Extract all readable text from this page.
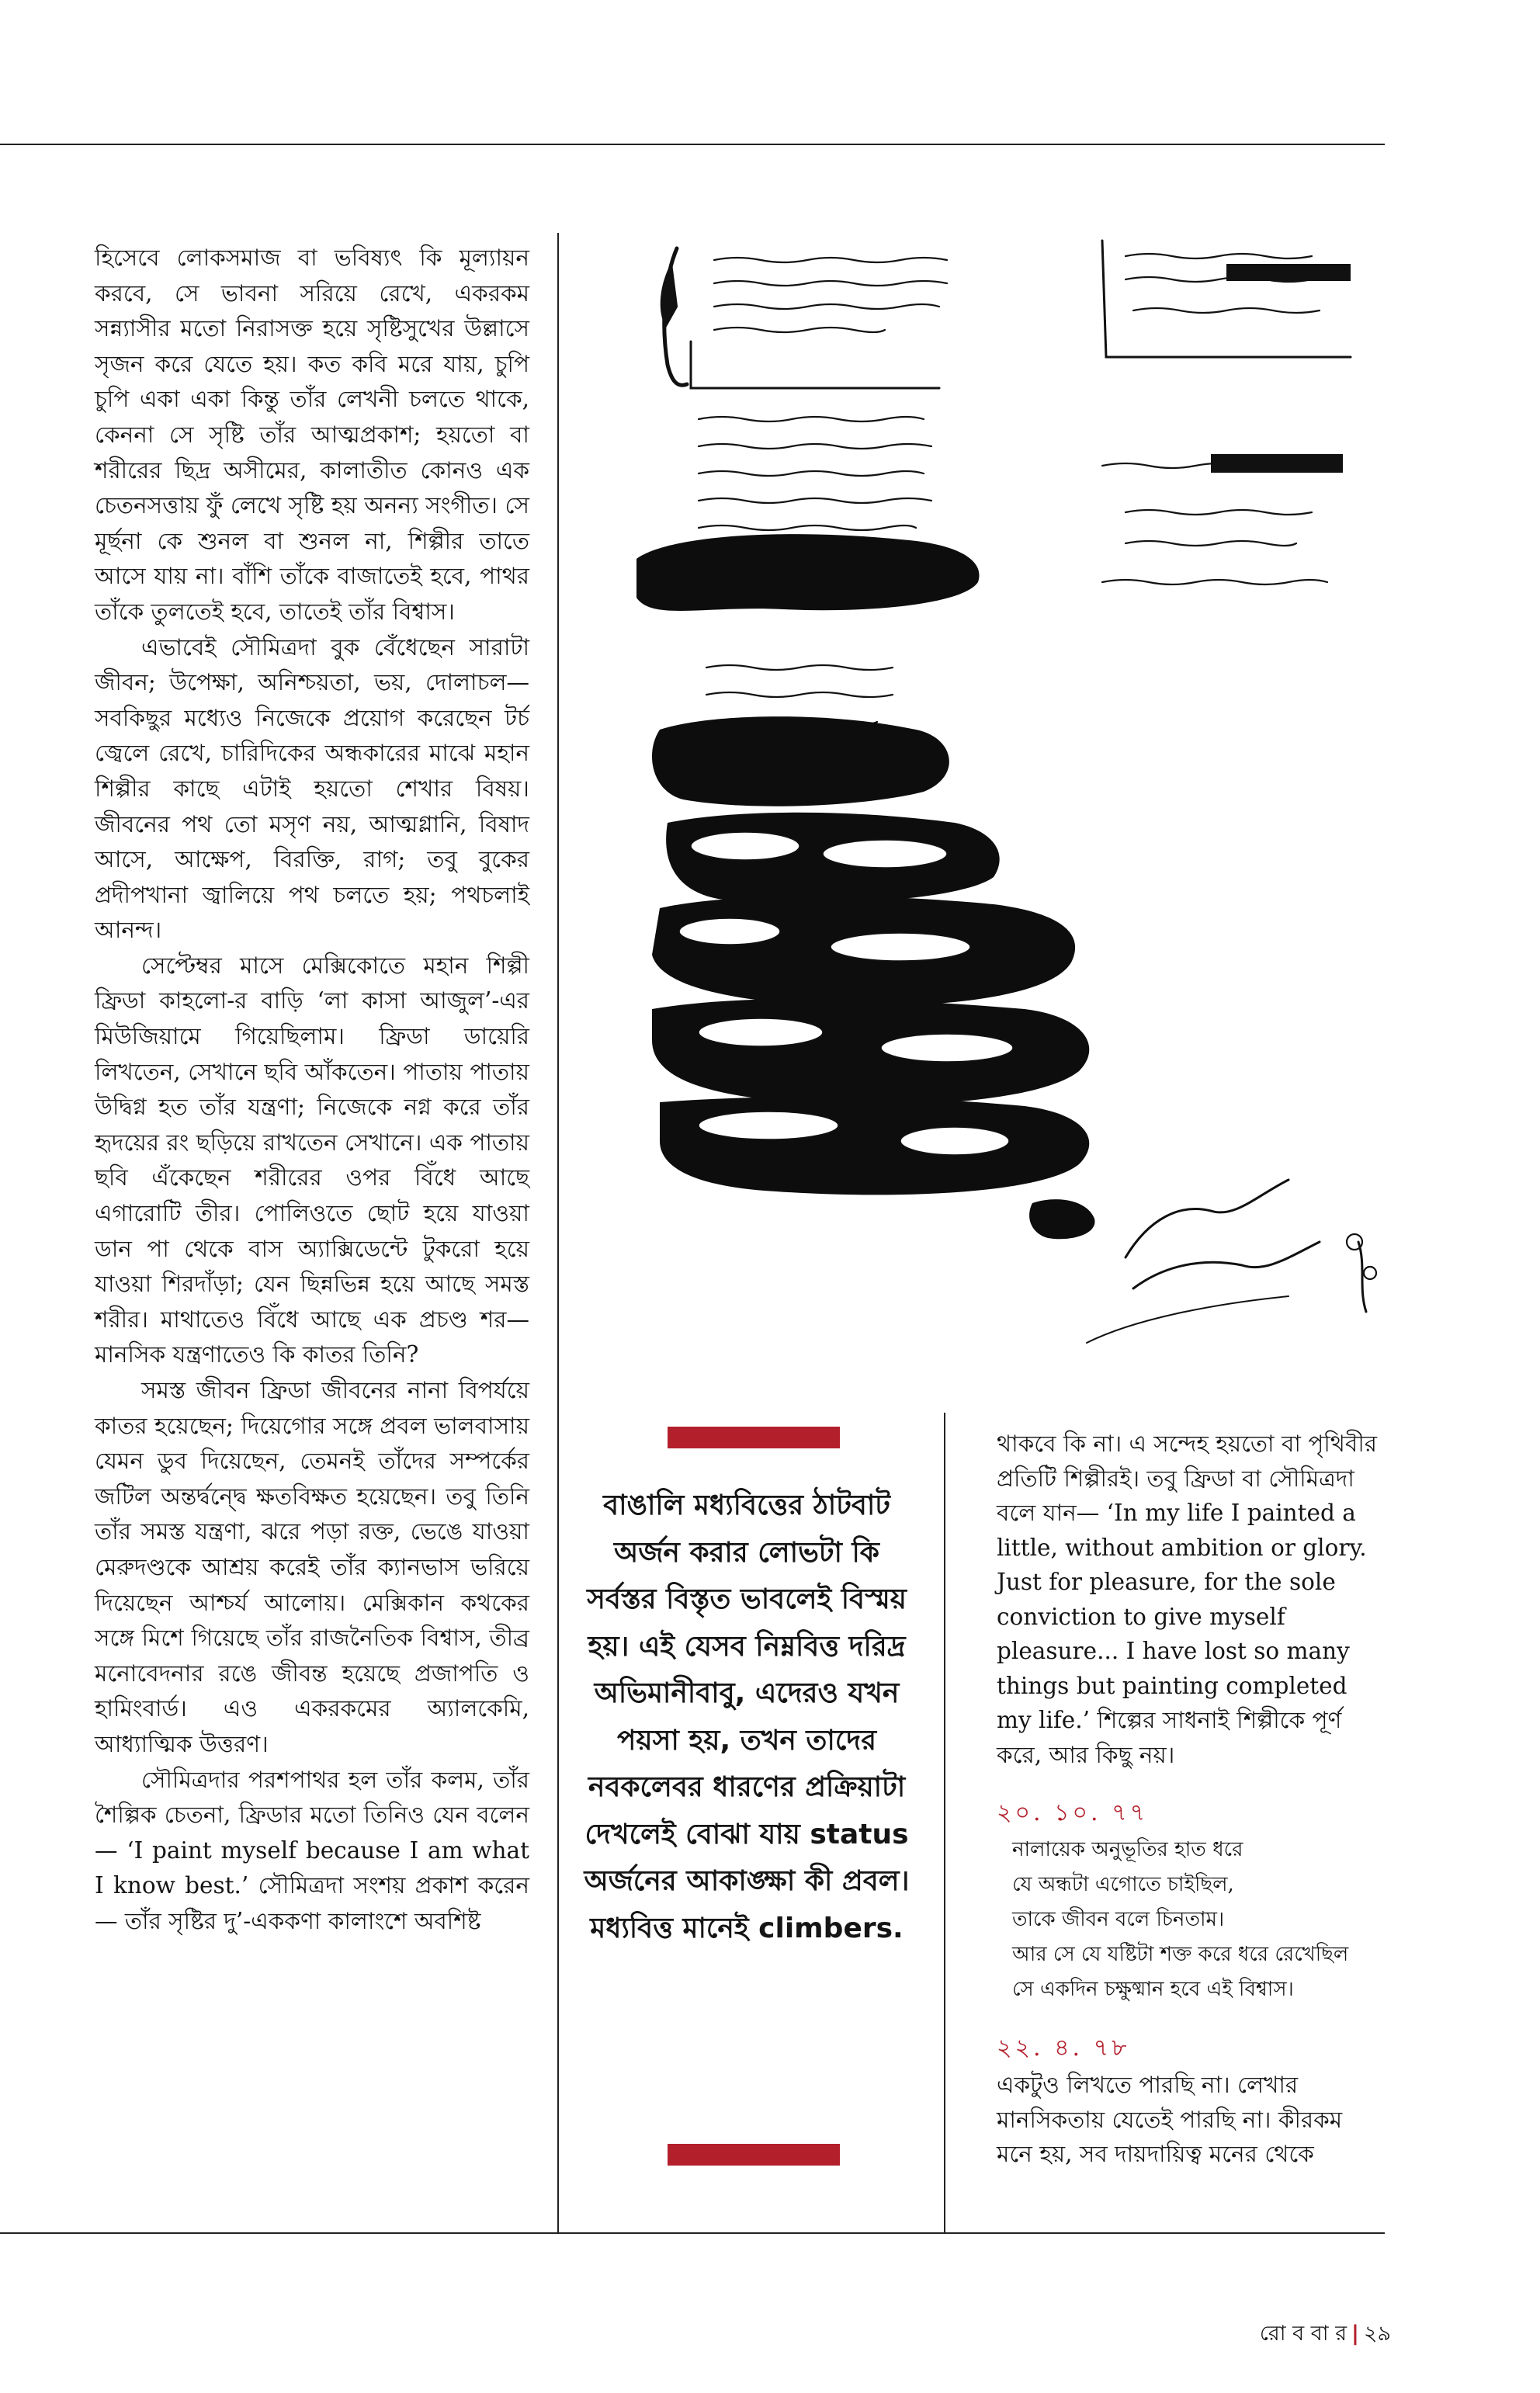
হিসেবে লোকসমাজ বা ভবিষ্যৎ কি মূল্যায়ন করবে, সে ভাবনা সরিয়ে রেখে, একরকম সন্ন্যাসীর মতো নিরাসক্ত হয়ে সৃষ্টিসুখের উল্লাসে সৃজন করে যেতে হয়। কত কবি মরে যায়, চুপি চুপি একা একা কিন্তু তাঁর লেখনী চলতে থাকে, কেননা সে সৃষ্টি তাঁর আত্মপ্রকাশ; হয়তো বা শরীরের ছিদ্র অসীমের, কালাতীত কোনও এক চেতনসত্তায় ফুঁ লেখে সৃষ্টি হয় অনন্য সংগীত। সে মূর্ছনা কে শুনল বা শুনল না, শিল্পীর তাতে আসে যায় না। বাঁশি তাঁকে বাজাতেই হবে, পাথর তাঁকে তুলতেই হবে, তাতেই তাঁর বিশ্বাস।

এভাবেই সৌমিত্রদা বুক বেঁধেছেন সারাটা জীবন; উপেক্ষা, অনিশ্চয়তা, ভয়, দোলাচল— সবকিছুর মধ্যেও নিজেকে প্রয়োগ করেছেন টর্চ জ্বেলে রেখে, চারিদিকের অন্ধকারের মাঝে মহান শিল্পীর কাছে এটাই হয়তো শেখার বিষয়। জীবনের পথ তো মসৃণ নয়, আত্মগ্লানি, বিষাদ আসে, আক্ষেপ, বিরক্তি, রাগ; তবু বুকের প্রদীপখানা জ্বালিয়ে পথ চলতে হয়; পথচলাই আনন্দ।

সেপ্টেম্বর মাসে মেক্সিকোতে মহান শিল্পী ফ্রিডা কাহলো-র বাড়ি ‘লা কাসা আজুল’-এর মিউজিয়ামে গিয়েছিলাম। ফ্রিডা ডায়েরি লিখতেন, সেখানে ছবি আঁকতেন। পাতায় পাতায় উদ্বিগ্ন হত তাঁর যন্ত্রণা; নিজেকে নগ্ন করে তাঁর হৃদয়ের রং ছড়িয়ে রাখতেন সেখানে। এক পাতায় ছবি এঁকেছেন শরীরের ওপর বিঁধে আছে এগারোটি তীর। পোলিওতে ছোট হয়ে যাওয়া ডান পা থেকে বাস অ্যাক্সিডেন্টে টুকরো হয়ে যাওয়া শিরদাঁড়া; যেন ছিন্নভিন্ন হয়ে আছে সমস্ত শরীর। মাথাতেও বিঁধে আছে এক প্রচণ্ড শর— মানসিক যন্ত্রণাতেও কি কাতর তিনি?

সমস্ত জীবন ফ্রিডা জীবনের নানা বিপর্যয়ে কাতর হয়েছেন; দিয়েগোর সঙ্গে প্রবল ভালবাসায় যেমন ডুব দিয়েছেন, তেমনই তাঁদের সম্পর্কের জটিল অন্তর্দ্বন্দ্বে ক্ষতবিক্ষত হয়েছেন। তবু তিনি তাঁর সমস্ত যন্ত্রণা, ঝরে পড়া রক্ত, ভেঙে যাওয়া মেরুদণ্ডকে আশ্রয় করেই তাঁর ক্যানভাস ভরিয়ে দিয়েছেন আশ্চর্য আলোয়। মেক্সিকান কথকের সঙ্গে মিশে গিয়েছে তাঁর রাজনৈতিক বিশ্বাস, তীব্র মনোবেদনার রঙে জীবন্ত হয়েছে প্রজাপতি ও হামিংবার্ড। এও একরকমের অ্যালকেমি, আধ্যাত্মিক উত্তরণ।

সৌমিত্রদার পরশপাথর হল তাঁর কলম, তাঁর শৈল্পিক চেতনা, ফ্রিডার মতো তিনিও যেন বলেন— ‘I paint myself because I am what I know best.’ সৌমিত্রদা সংশয় প্রকাশ করেন— তাঁর সৃষ্টির দু’-এককণা কালাংশে অবশিষ্ট

বাঙালি মধ্যবিত্তের ঠাটবাট অর্জন করার লোভটা কি সর্বস্তর বিস্তৃত ভাবলেই বিস্ময় হয়। এই যেসব নিম্নবিত্ত দরিদ্র অভিমানীবাবু, এদেরও যখন পয়সা হয়, তখন তাদের নবকলেবর ধারণের প্রক্রিয়াটা দেখলেই বোঝা যায় status অর্জনের আকাঙ্ক্ষা কী প্রবল। মধ্যবিত্ত মানেই climbers.

থাকবে কি না। এ সন্দেহ হয়তো বা পৃথিবীর প্রতিটি শিল্পীরই। তবু ফ্রিডা বা সৌমিত্রদা বলে যান— ‘In my life I painted a little, without ambition or glory. Just for pleasure, for the sole conviction to give myself pleasure... I have lost so many things but painting completed my life.’ শিল্পের সাধনাই শিল্পীকে পূর্ণ করে, আর কিছু নয়।

২০. ১০. ৭৭
নালায়েক অনুভূতির হাত ধরে
যে অন্ধটা এগোতে চাইছিল,
তাকে জীবন বলে চিনতাম।
আর সে যে যষ্টিটা শক্ত করে ধরে রেখেছিল
সে একদিন চক্ষুষ্মান হবে এই বিশ্বাস।
২২. ৪. ৭৮

একটুও লিখতে পারছি না। লেখার মানসিকতায় যেতেই পারছি না। কীরকম মনে হয়, সব দায়দায়িত্ব মনের থেকে

রো ব বা র | ২৯
